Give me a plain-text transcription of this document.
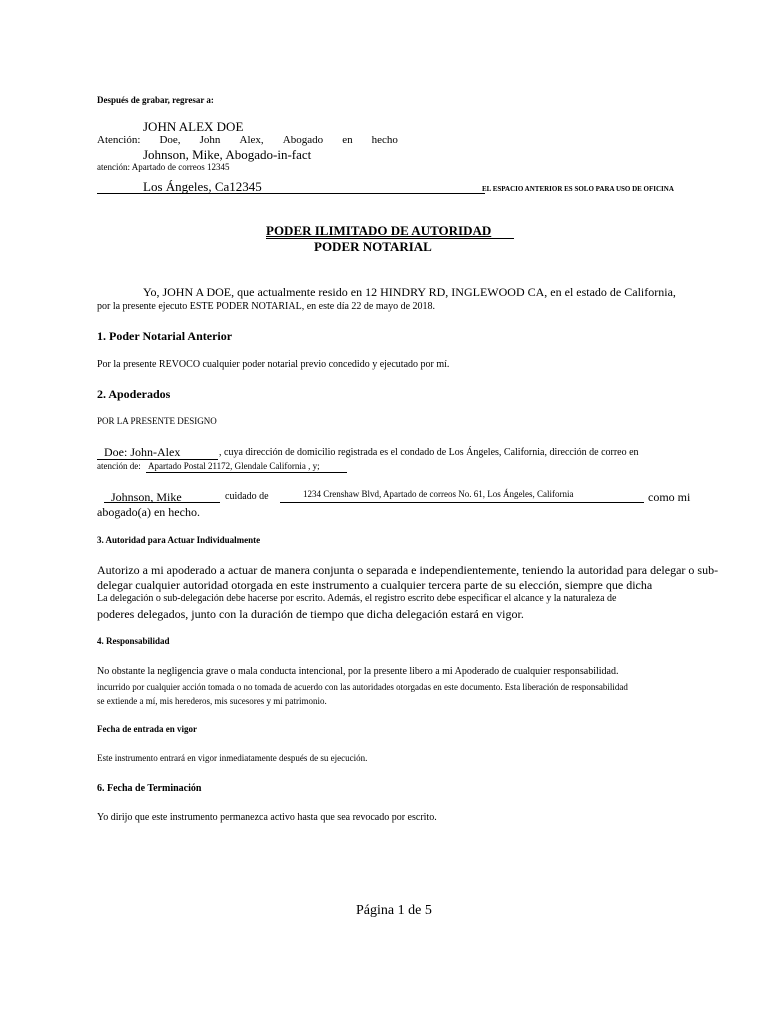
Después de grabar, regresar a:
JOHN ALEX DOE
Atención: Doe, John Alex, Abogado en hecho
Johnson, Mike, Abogado-in-fact
atención: Apartado de correos 12345
Los Ángeles, Ca12345	EL ESPACIO ANTERIOR ES SOLO PARA USO DE OFICINA
PODER ILIMITADO DE AUTORIDAD
PODER NOTARIAL
Yo, JOHN A DOE, que actualmente resido en 12 HINDRY RD, INGLEWOOD CA, en el estado de California,
por la presente ejecuto ESTE PODER NOTARIAL, en este día 22 de mayo de 2018.
1. Poder Notarial Anterior
Por la presente REVOCO cualquier poder notarial previo concedido y ejecutado por mí.
2. Apoderados
POR LA PRESENTE DESIGNO
Doe: John-Alex	, cuya dirección de domicilio registrada es el condado de Los Ángeles, California, dirección de correo en
atención de: Apartado Postal 21172, Glendale California , y;
Johnson, Mike	cuidado de	1234 Crenshaw Blvd, Apartado de correos No. 61, Los Ángeles, California	como mi
abogado(a) en hecho.
3. Autoridad para Actuar Individualmente
Autorizo a mi apoderado a actuar de manera conjunta o separada e independientemente, teniendo la autoridad para delegar o sub-
delegar cualquier autoridad otorgada en este instrumento a cualquier tercera parte de su elección, siempre que dicha
La delegación o sub-delegación debe hacerse por escrito. Además, el registro escrito debe especificar el alcance y la naturaleza de
poderes delegados, junto con la duración de tiempo que dicha delegación estará en vigor.
4. Responsabilidad
No obstante la negligencia grave o mala conducta intencional, por la presente libero a mi Apoderado de cualquier responsabilidad.
incurrido por cualquier acción tomada o no tomada de acuerdo con las autoridades otorgadas en este documento. Esta liberación de responsabilidad
se extiende a mí, mis herederos, mis sucesores y mi patrimonio.
Fecha de entrada en vigor
Este instrumento entrará en vigor inmediatamente después de su ejecución.
6. Fecha de Terminación
Yo dirijo que este instrumento permanezca activo hasta que sea revocado por escrito.
Página 1 de 5
